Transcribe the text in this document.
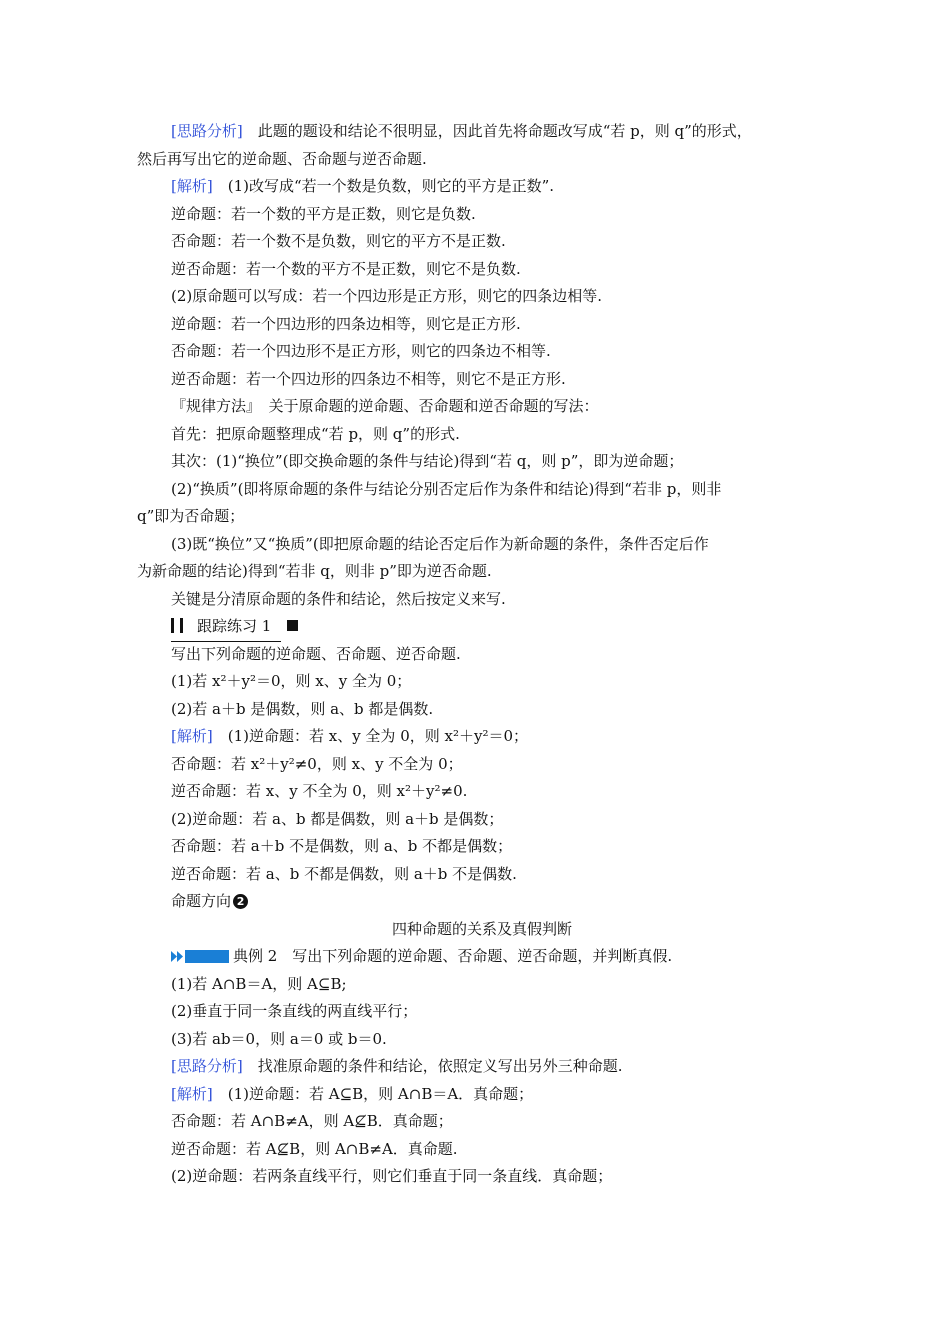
[思路分析]　此题的题设和结论不很明显，因此首先将命题改写成“若 p，则 q”的形式，
然后再写出它的逆命题、否命题与逆否命题.
[解析]　(1)改写成“若一个数是负数，则它的平方是正数”.
逆命题：若一个数的平方是正数，则它是负数.
否命题：若一个数不是负数，则它的平方不是正数.
逆否命题：若一个数的平方不是正数，则它不是负数.
(2)原命题可以写成：若一个四边形是正方形，则它的四条边相等.
逆命题：若一个四边形的四条边相等，则它是正方形.
否命题：若一个四边形不是正方形，则它的四条边不相等.
逆否命题：若一个四边形的四条边不相等，则它不是正方形.
『规律方法』　关于原命题的逆命题、否命题和逆否命题的写法：
首先：把原命题整理成“若 p，则 q”的形式.
其次：(1)“换位”(即交换命题的条件与结论)得到“若 q，则 p”，即为逆命题；
(2)“换质”(即将原命题的条件与结论分别否定后作为条件和结论)得到“若非 p，则非
q”即为否命题；
(3)既“换位”又“换质”(即把原命题的结论否定后作为新命题的条件，条件否定后作
为新命题的结论)得到“若非 q，则非 p”即为逆否命题.
关键是分清原命题的条件和结论，然后按定义来写.
跟踪练习 1
写出下列命题的逆命题、否命题、逆否命题.
(1)若 x²＋y²＝0，则 x、y 全为 0；
(2)若 a＋b 是偶数，则 a、b 都是偶数.
[解析]　(1)逆命题：若 x、y 全为 0，则 x²＋y²＝0；
否命题：若 x²＋y²≠0，则 x、y 不全为 0；
逆否命题：若 x、y 不全为 0，则 x²＋y²≠0.
(2)逆命题：若 a、b 都是偶数，则 a＋b 是偶数；
否命题：若 a＋b 不是偶数，则 a、b 不都是偶数；
逆否命题：若 a、b 不都是偶数，则 a＋b 不是偶数.
命题方向 2
四种命题的关系及真假判断
典例 2　写出下列命题的逆命题、否命题、逆否命题，并判断真假.
(1)若 A∩B＝A，则 A⊆B;
(2)垂直于同一条直线的两直线平行；
(3)若 ab＝0，则 a＝0 或 b＝0.
[思路分析]　找准原命题的条件和结论，依照定义写出另外三种命题.
[解析]　(1)逆命题：若 A⊆B，则 A∩B＝A．真命题；
否命题：若 A∩B≠A，则 A⊈B．真命题；
逆否命题：若 A⊈B，则 A∩B≠A．真命题.
(2)逆命题：若两条直线平行，则它们垂直于同一条直线．真命题；
